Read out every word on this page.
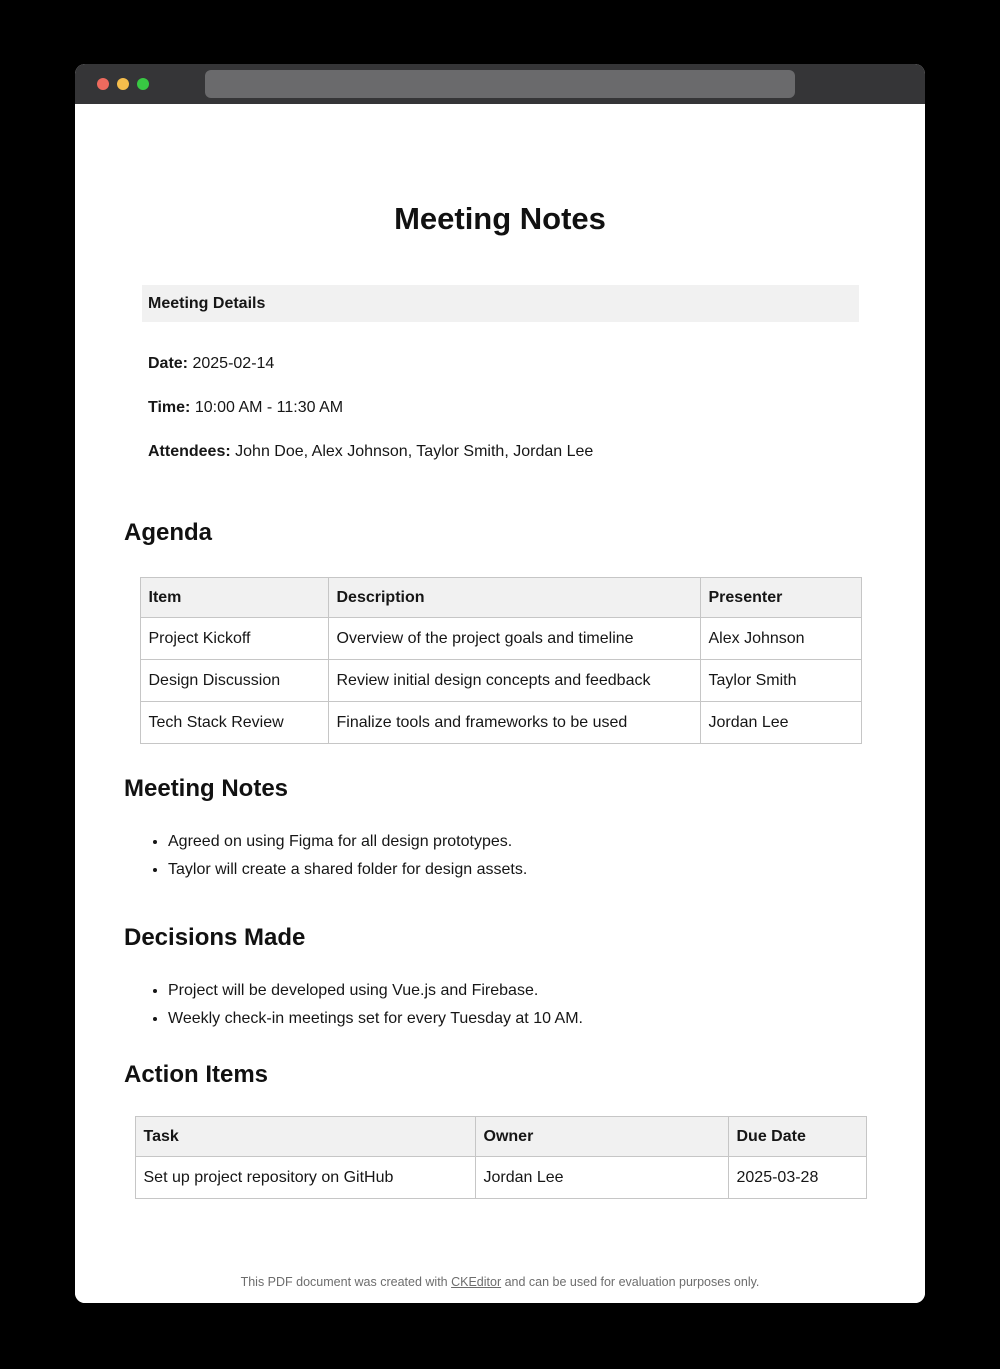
Meeting Notes
Meeting Details

Date: 2025-02-14

Time: 10:00 AM - 11:30 AM

Attendees: John Doe, Alex Johnson, Taylor Smith, Jordan Lee

Agenda
Item	Description	Presenter
Project Kickoff	Overview of the project goals and timeline	Alex Johnson
Design Discussion	Review initial design concepts and feedback	Taylor Smith
Tech Stack Review	Finalize tools and frameworks to be used	Jordan Lee
Meeting Notes
• Agreed on using Figma for all design prototypes.
• Taylor will create a shared folder for design assets.
Decisions Made
• Project will be developed using Vue.js and Firebase.
• Weekly check-in meetings set for every Tuesday at 10 AM.
Action Items
Task	Owner	Due Date
Set up project repository on GitHub	Jordan Lee	2025-03-28
This PDF document was created with CKEditor and can be used for evaluation purposes only.
